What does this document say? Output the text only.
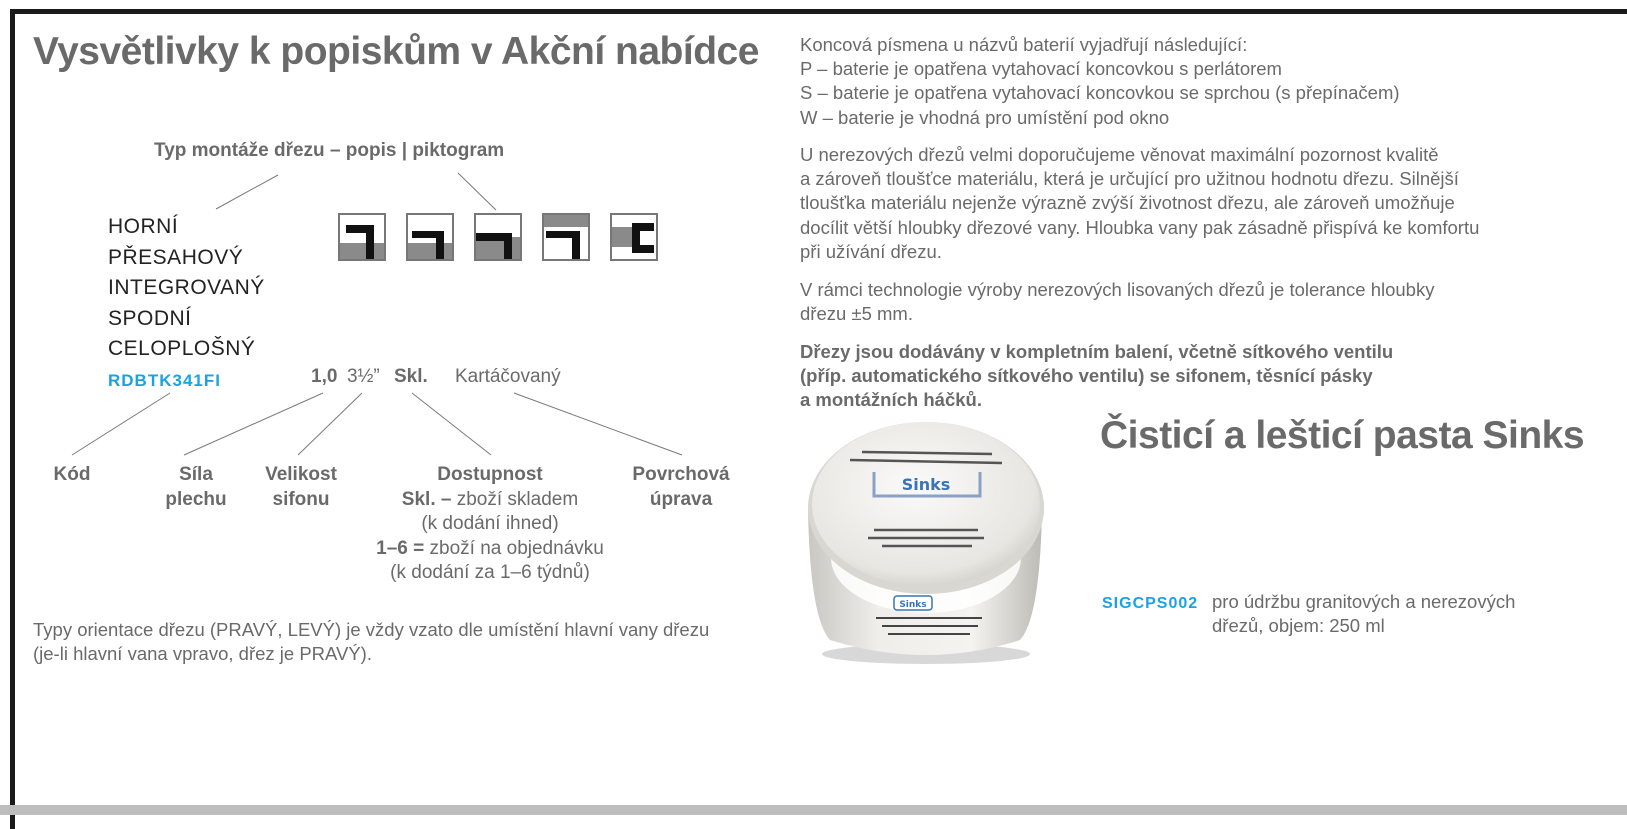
Vysvětlivky k popiskům v Akční nabídce
Typ montáže dřezu – popis | piktogram
HORNÍ
PŘESAHOVÝ
INTEGROVANÝ
SPODNÍ
CELOPLOŠNÝ
RDBTK341FI	1,0 3½” Skl. Kartáčovaný
Kód	Síla
plechu
Velikost
sifonu
Dostupnost
Skl. – zboží skladem
(k dodání ihned)
1–6 = zboží na objednávku
(k dodání za 1–6 týdnů)
Povrchová
úprava
Typy orientace dřezu (PRAVÝ, LEVÝ) je vždy vzato dle umístění hlavní vany dřezu
(je-li hlavní vana vpravo, dřez je PRAVÝ).
Koncová písmena u názvů baterií vyjadřují následující:
P – baterie je opatřena vytahovací koncovkou s perlátorem
S – baterie je opatřena vytahovací koncovkou se sprchou (s přepínačem)
W – baterie je vhodná pro umístění pod okno
U nerezových dřezů velmi doporučujeme věnovat maximální pozornost kvalitě
a zároveň tloušťce materiálu, která je určující pro užitnou hodnotu dřezu. Silnější
tloušťka materiálu nejenže výrazně zvýší životnost dřezu, ale zároveň umožňuje
docílit větší hloubky dřezové vany. Hloubka vany pak zásadně přispívá ke komfortu
při užívání dřezu.
V rámci technologie výroby nerezových lisovaných dřezů je tolerance hloubky
dřezu ±5 mm.
Dřezy jsou dodávány v kompletním balení, včetně sítkového ventilu
(příp. automatického sítkového ventilu) se sifonem, těsnící pásky
a montážních háčků.
Čisticí a lešticí pasta Sinks
Sinks
Sinks
SIGCPS002 pro údržbu granitových a nerezových
dřezů, objem: 250 ml
